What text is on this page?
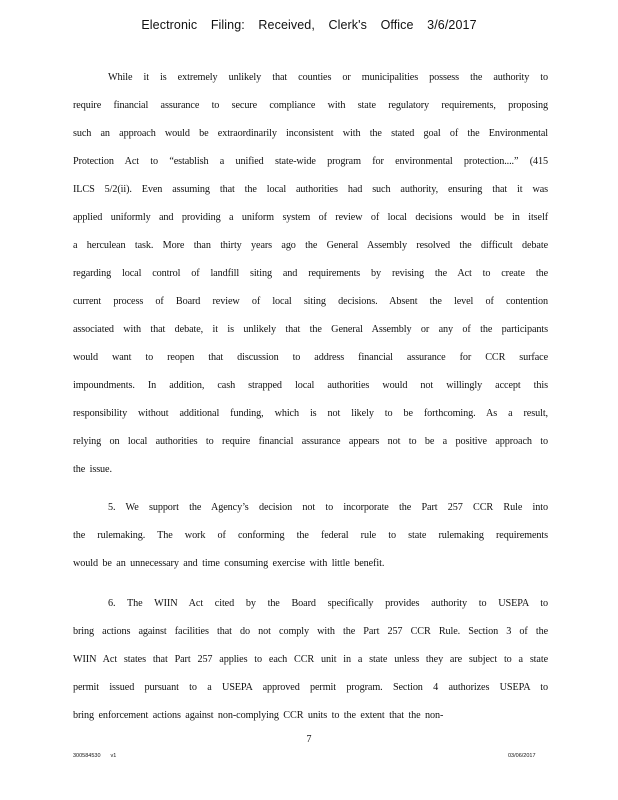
Electronic Filing: Received, Clerk's Office 3/6/2017
While it is extremely unlikely that counties or municipalities possess the authority to
require financial assurance to secure compliance with state regulatory requirements, proposing
such an approach would be extraordinarily inconsistent with the stated goal of the Environmental
Protection Act to “establish a unified state-wide program for environmental protection....” (415
ILCS 5/2(ii). Even assuming that the local authorities had such authority, ensuring that it was
applied uniformly and providing a uniform system of review of local decisions would be in itself
a herculean task. More than thirty years ago the General Assembly resolved the difficult debate
regarding local control of landfill siting and requirements by revising the Act to create the
current process of Board review of local siting decisions. Absent the level of contention
associated with that debate, it is unlikely that the General Assembly or any of the participants
would want to reopen that discussion to address financial assurance for CCR surface
impoundments. In addition, cash strapped local authorities would not willingly accept this
responsibility without additional funding, which is not likely to be forthcoming. As a result,
relying on local authorities to require financial assurance appears not to be a positive approach to
the issue.
5. We support the Agency’s decision not to incorporate the Part 257 CCR Rule into
the rulemaking. The work of conforming the federal rule to state rulemaking requirements
would be an unnecessary and time consuming exercise with little benefit.
6. The WIIN Act cited by the Board specifically provides authority to USEPA to
bring actions against facilities that do not comply with the Part 257 CCR Rule. Section 3 of the
WIIN Act states that Part 257 applies to each CCR unit in a state unless they are subject to a state
permit issued pursuant to a USEPA approved permit program. Section 4 authorizes USEPA to
bring enforcement actions against non-complying CCR units to the extent that the non-
7
300584530 v1	03/06/2017
